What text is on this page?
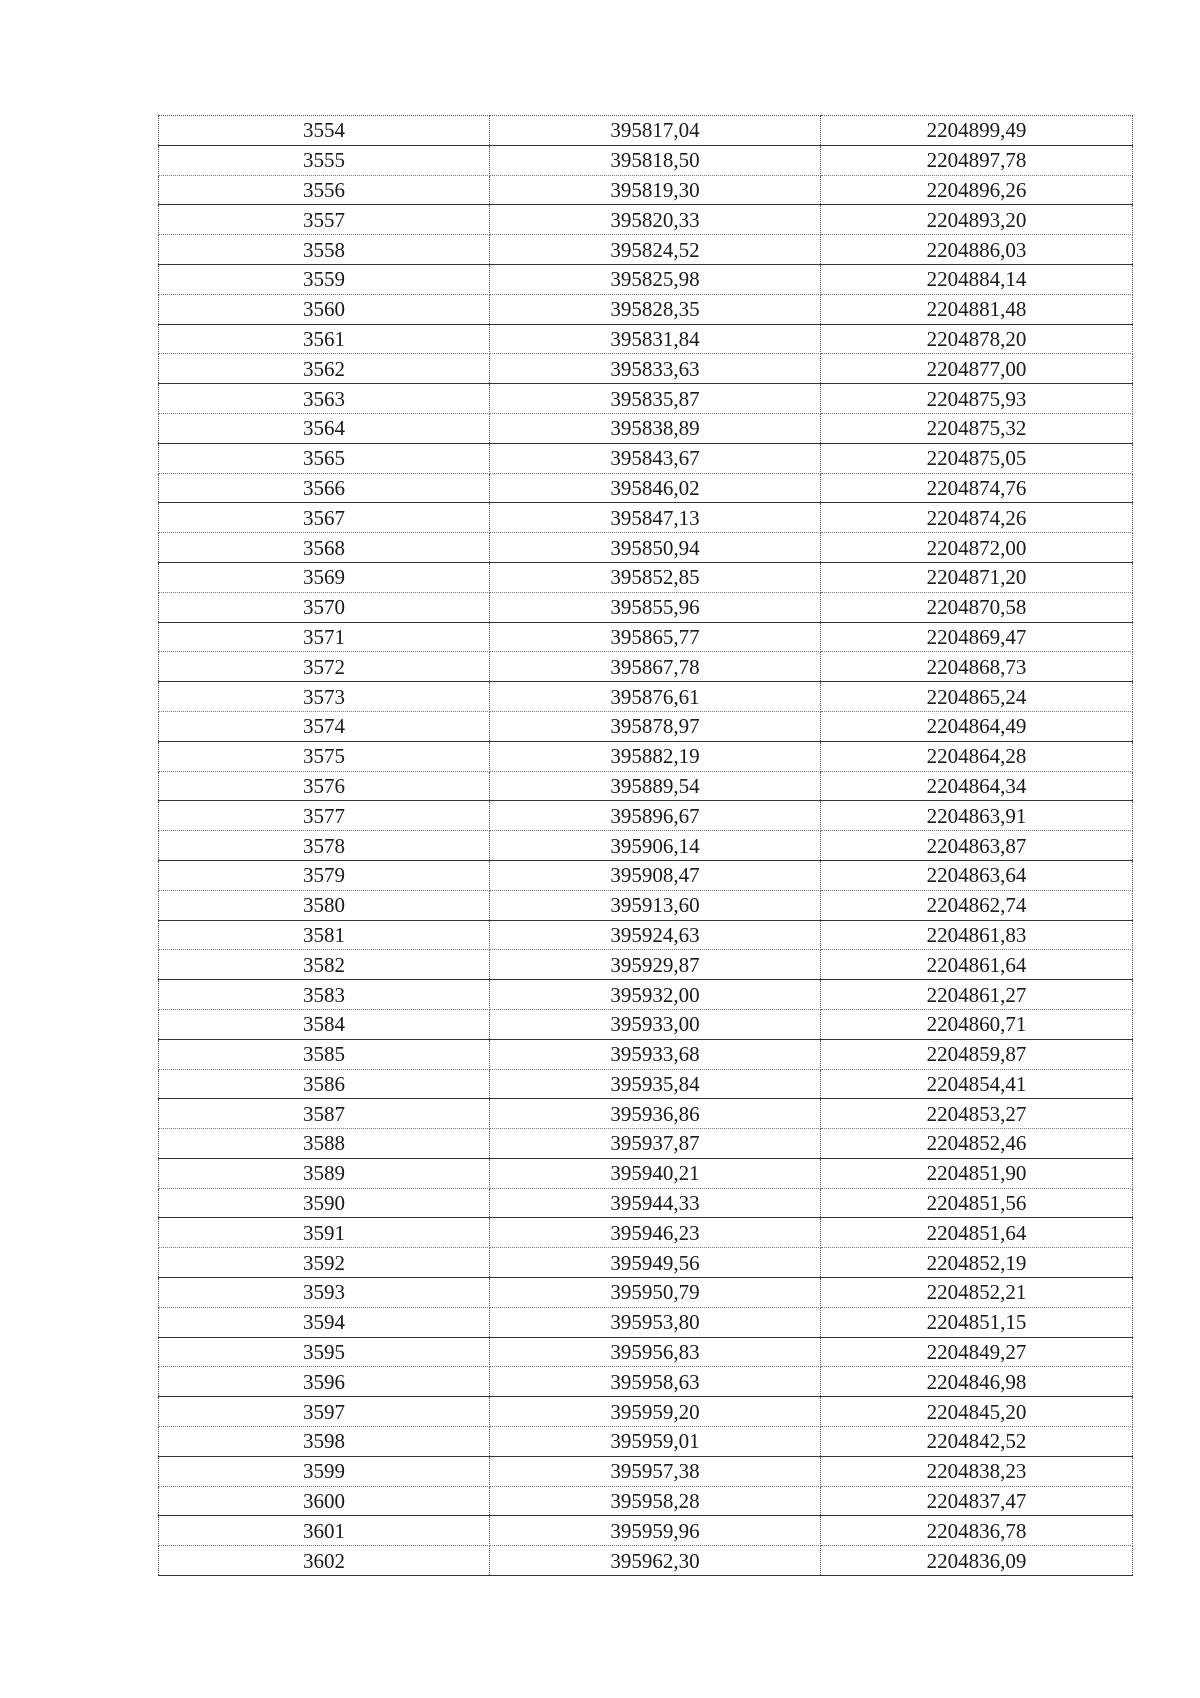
3554	395817,04	2204899,49
3555	395818,50	2204897,78
3556	395819,30	2204896,26
3557	395820,33	2204893,20
3558	395824,52	2204886,03
3559	395825,98	2204884,14
3560	395828,35	2204881,48
3561	395831,84	2204878,20
3562	395833,63	2204877,00
3563	395835,87	2204875,93
3564	395838,89	2204875,32
3565	395843,67	2204875,05
3566	395846,02	2204874,76
3567	395847,13	2204874,26
3568	395850,94	2204872,00
3569	395852,85	2204871,20
3570	395855,96	2204870,58
3571	395865,77	2204869,47
3572	395867,78	2204868,73
3573	395876,61	2204865,24
3574	395878,97	2204864,49
3575	395882,19	2204864,28
3576	395889,54	2204864,34
3577	395896,67	2204863,91
3578	395906,14	2204863,87
3579	395908,47	2204863,64
3580	395913,60	2204862,74
3581	395924,63	2204861,83
3582	395929,87	2204861,64
3583	395932,00	2204861,27
3584	395933,00	2204860,71
3585	395933,68	2204859,87
3586	395935,84	2204854,41
3587	395936,86	2204853,27
3588	395937,87	2204852,46
3589	395940,21	2204851,90
3590	395944,33	2204851,56
3591	395946,23	2204851,64
3592	395949,56	2204852,19
3593	395950,79	2204852,21
3594	395953,80	2204851,15
3595	395956,83	2204849,27
3596	395958,63	2204846,98
3597	395959,20	2204845,20
3598	395959,01	2204842,52
3599	395957,38	2204838,23
3600	395958,28	2204837,47
3601	395959,96	2204836,78
3602	395962,30	2204836,09
